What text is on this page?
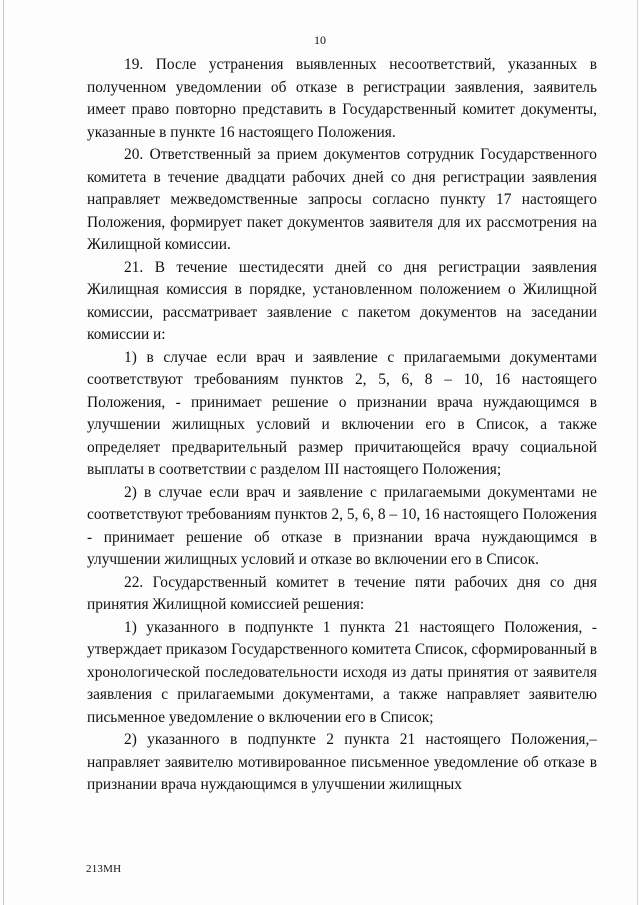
10

19. После устранения выявленных несоответствий, указанных в полученном уведомлении об отказе в регистрации заявления, заявитель имеет право повторно представить в Государственный комитет документы, указанные в пункте 16 настоящего Положения.

20. Ответственный за прием документов сотрудник Государственного комитета в течение двадцати рабочих дней со дня регистрации заявления направляет межведомственные запросы согласно пункту 17 настоящего Положения, формирует пакет документов заявителя для их рассмотрения на Жилищной комиссии.

21. В течение шестидесяти дней со дня регистрации заявления Жилищная комиссия в порядке, установленном положением о Жилищной комиссии, рассматривает заявление с пакетом документов на заседании комиссии и:

1) в случае если врач и заявление с прилагаемыми документами соответствуют требованиям пунктов 2, 5, 6, 8 – 10, 16 настоящего Положения, - принимает решение о признании врача нуждающимся в улучшении жилищных условий и включении его в Список, а также определяет предварительный размер причитающейся врачу социальной выплаты в соответствии с разделом III настоящего Положения;

2) в случае если врач и заявление с прилагаемыми документами не соответствуют требованиям пунктов 2, 5, 6, 8 – 10, 16 настоящего Положения - принимает решение об отказе в признании врача нуждающимся в улучшении жилищных условий и отказе во включении его в Список.

22. Государственный комитет в течение пяти рабочих дня со дня принятия Жилищной комиссией решения:

1) указанного в подпункте 1 пункта 21 настоящего Положения, - утверждает приказом Государственного комитета Список, сформированный в хронологической последовательности исходя из даты принятия от заявителя заявления с прилагаемыми документами, а также направляет заявителю письменное уведомление о включении его в Список;

2) указанного в подпункте 2 пункта 21 настоящего Положения,– направляет заявителю мотивированное письменное уведомление об отказе в признании врача нуждающимся в улучшении жилищных

213МН
